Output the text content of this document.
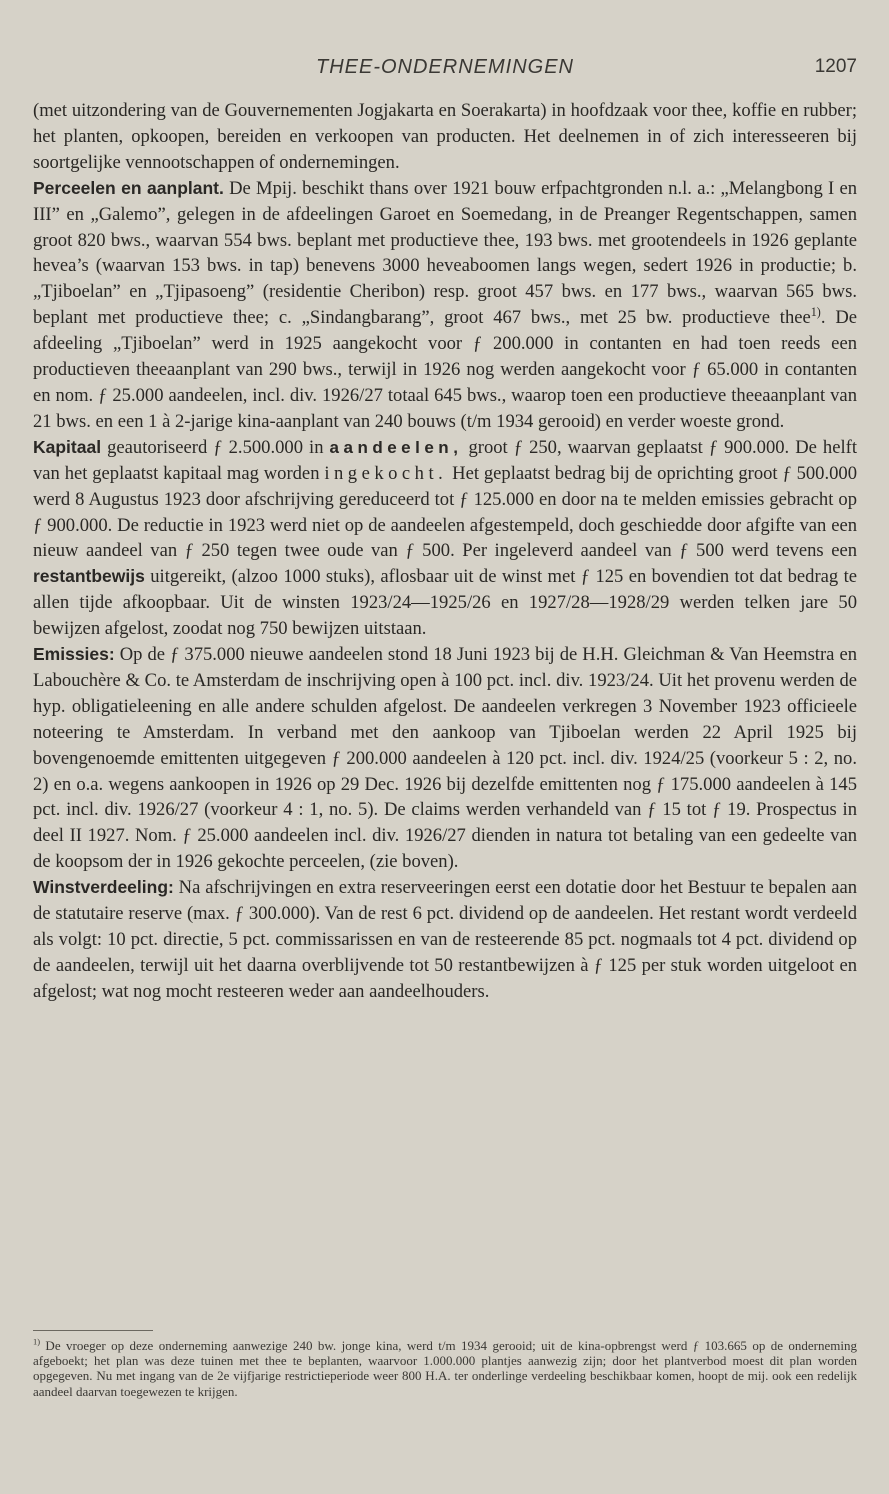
THEE-ONDERNEMINGEN	1207

(met uitzondering van de Gouvernementen Jogjakarta en Soerakarta) in hoofdzaak voor thee, koffie en rubber; het planten, opkoopen, bereiden en verkoopen van producten. Het deelnemen in of zich interesseeren bij soortgelijke vennootschappen of ondernemingen.

Perceelen en aanplant. De Mpij. beschikt thans over 1921 bouw erfpachtgronden n.l. a.: „Melangbong I en III” en „Galemo”, gelegen in de afdeelingen Garoet en Soemedang, in de Preanger Regentschappen, samen groot 820 bws., waarvan 554 bws. beplant met productieve thee, 193 bws. met grootendeels in 1926 geplante hevea’s (waarvan 153 bws. in tap) benevens 3000 heveaboomen langs wegen, sedert 1926 in productie; b. „Tjiboelan” en „Tjipasoeng” (residentie Cheribon) resp. groot 457 bws. en 177 bws., waarvan 565 bws. beplant met productieve thee; c. „Sindangbarang”, groot 467 bws., met 25 bw. productieve thee$^{1)}$. De afdeeling „Tjiboelan” werd in 1925 aangekocht voor ƒ 200.000 in contanten en had toen reeds een productieven theeaanplant van 290 bws., terwijl in 1926 nog werden aangekocht voor ƒ 65.000 in contanten en nom. ƒ 25.000 aandeelen, incl. div. 1926/27 totaal 645 bws., waarop toen een productieve theeaanplant van 21 bws. en een 1 à 2-jarige kina-aanplant van 240 bouws (t/m 1934 gerooid) en verder woeste grond.

Kapitaal geautoriseerd ƒ 2.500.000 in aandeelen, groot ƒ 250, waarvan geplaatst ƒ 900.000. De helft van het geplaatst kapitaal mag worden ingekocht. Het geplaatst bedrag bij de oprichting groot ƒ 500.000 werd 8 Augustus 1923 door afschrijving gereduceerd tot ƒ 125.000 en door na te melden emissies gebracht op ƒ 900.000. De reductie in 1923 werd niet op de aandeelen afgestempeld, doch geschiedde door afgifte van een nieuw aandeel van ƒ 250 tegen twee oude van ƒ 500. Per ingeleverd aandeel van ƒ 500 werd tevens een restantbewijs uitgereikt, (alzoo 1000 stuks), aflosbaar uit de winst met ƒ 125 en bovendien tot dat bedrag te allen tijde afkoopbaar. Uit de winsten 1923/24—1925/26 en 1927/28—1928/29 werden telken jare 50 bewijzen afgelost, zoodat nog 750 bewijzen uitstaan.

Emissies: Op de ƒ 375.000 nieuwe aandeelen stond 18 Juni 1923 bij de H.H. Gleichman & Van Heemstra en Labouchère & Co. te Amsterdam de inschrijving open à 100 pct. incl. div. 1923/24. Uit het provenu werden de hyp. obligatieleening en alle andere schulden afgelost. De aandeelen verkregen 3 November 1923 officieele noteering te Amsterdam. In verband met den aankoop van Tjiboelan werden 22 April 1925 bij bovengenoemde emittenten uitgegeven ƒ 200.000 aandeelen à 120 pct. incl. div. 1924/25 (voorkeur 5 : 2, no. 2) en o.a. wegens aankoopen in 1926 op 29 Dec. 1926 bij dezelfde emittenten nog ƒ 175.000 aandeelen à 145 pct. incl. div. 1926/27 (voorkeur 4 : 1, no. 5). De claims werden verhandeld van ƒ 15 tot ƒ 19. Prospectus in deel II 1927. Nom. ƒ 25.000 aandeelen incl. div. 1926/27 dienden in natura tot betaling van een gedeelte van de koopsom der in 1926 gekochte perceelen, (zie boven).

Winstverdeeling: Na afschrijvingen en extra reserveeringen eerst een dotatie door het Bestuur te bepalen aan de statutaire reserve (max. ƒ 300.000). Van de rest 6 pct. dividend op de aandeelen. Het restant wordt verdeeld als volgt: 10 pct. directie, 5 pct. commissarissen en van de resteerende 85 pct. nogmaals tot 4 pct. dividend op de aandeelen, terwijl uit het daarna overblijvende tot 50 restantbewijzen à ƒ 125 per stuk worden uitgeloot en afgelost; wat nog mocht resteeren weder aan aandeelhouders.

$^{1)}$ De vroeger op deze onderneming aanwezige 240 bw. jonge kina, werd t/m 1934 gerooid; uit de kina-opbrengst werd ƒ 103.665 op de onderneming afgeboekt; het plan was deze tuinen met thee te beplanten, waarvoor 1.000.000 plantjes aanwezig zijn; door het plantverbod moest dit plan worden opgegeven. Nu met ingang van de 2e vijfjarige restrictieperiode weer 800 H.A. ter onderlinge verdeeling beschikbaar komen, hoopt de mij. ook een redelijk aandeel daarvan toegewezen te krijgen.
